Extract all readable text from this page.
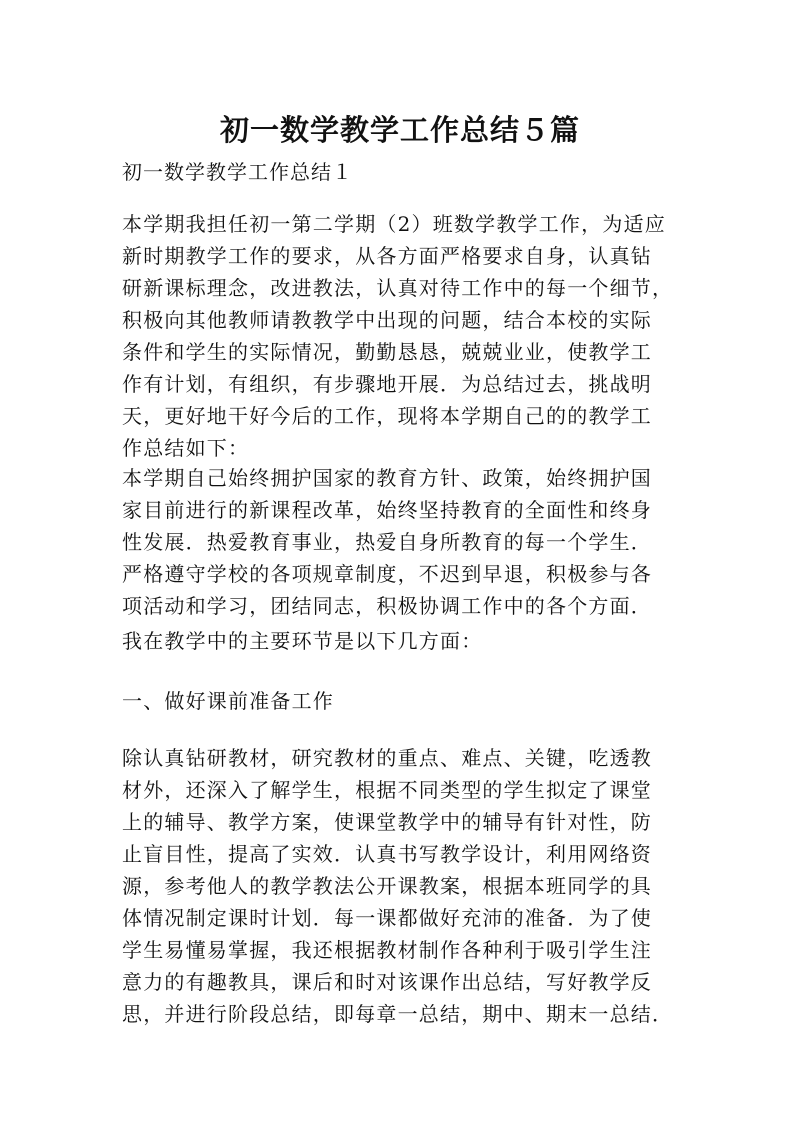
初一数学教学工作总结５篇

初一数学教学工作总结１

本学期我担任初一第二学期（2）班数学教学工作，为适应
新时期教学工作的要求，从各方面严格要求自身，认真钻
研新课标理念，改进教法，认真对待工作中的每一个细节，
积极向其他教师请教教学中出现的问题，结合本校的实际
条件和学生的实际情况，勤勤恳恳，兢兢业业，使教学工
作有计划，有组织，有步骤地开展．为总结过去，挑战明
天，更好地干好今后的工作，现将本学期自己的的教学工
作总结如下：
本学期自己始终拥护国家的教育方针、政策，始终拥护国
家目前进行的新课程改革，始终坚持教育的全面性和终身
性发展．热爱教育事业，热爱自身所教育的每一个学生．
严格遵守学校的各项规章制度，不迟到早退，积极参与各
项活动和学习，团结同志，积极协调工作中的各个方面．
我在教学中的主要环节是以下几方面：
一、做好课前准备工作
除认真钻研教材，研究教材的重点、难点、关键，吃透教
材外，还深入了解学生，根据不同类型的学生拟定了课堂
上的辅导、教学方案，使课堂教学中的辅导有针对性，防
止盲目性，提高了实效．认真书写教学设计，利用网络资
源，参考他人的教学教法公开课教案，根据本班同学的具
体情况制定课时计划．每一课都做好充沛的准备．为了使
学生易懂易掌握，我还根据教材制作各种利于吸引学生注
意力的有趣教具，课后和时对该课作出总结，写好教学反
思，并进行阶段总结，即每章一总结，期中、期末一总结．
